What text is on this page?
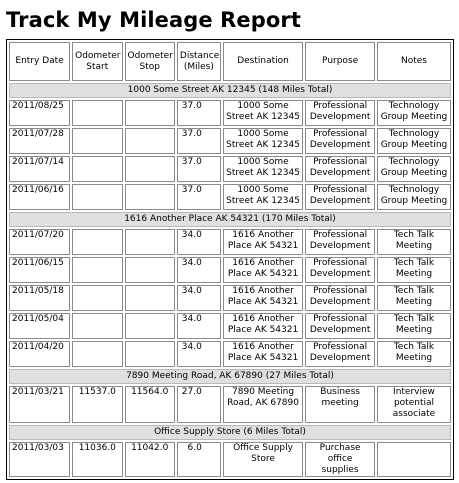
Track My Mileage Report
Entry Date	Odometer Start	Odometer Stop	Distance (Miles)	Destination	Purpose	Notes
1000 Some Street AK 12345 (148 Miles Total)						
2011/08/25			37.0	1000 Some Street AK 12345	Professional Development	Technology Group Meeting
2011/07/28			37.0	1000 Some Street AK 12345	Professional Development	Technology Group Meeting
2011/07/14			37.0	1000 Some Street AK 12345	Professional Development	Technology Group Meeting
2011/06/16			37.0	1000 Some Street AK 12345	Professional Development	Technology Group Meeting
1616 Another Place AK 54321 (170 Miles Total)						
2011/07/20			34.0	1616 Another Place AK 54321	Professional Development	Tech Talk Meeting
2011/06/15			34.0	1616 Another Place AK 54321	Professional Development	Tech Talk Meeting
2011/05/18			34.0	1616 Another Place AK 54321	Professional Development	Tech Talk Meeting
2011/05/04			34.0	1616 Another Place AK 54321	Professional Development	Tech Talk Meeting
2011/04/20			34.0	1616 Another Place AK 54321	Professional Development	Tech Talk Meeting
7890 Meeting Road, AK 67890 (27 Miles Total)						
2011/03/21	11537.0	11564.0	27.0	7890 Meeting Road, AK 67890	Business meeting	Interview potential associate
Office Supply Store (6 Miles Total)						
2011/03/03	11036.0	11042.0	6.0	Office Supply Store	Purchase office supplies	
